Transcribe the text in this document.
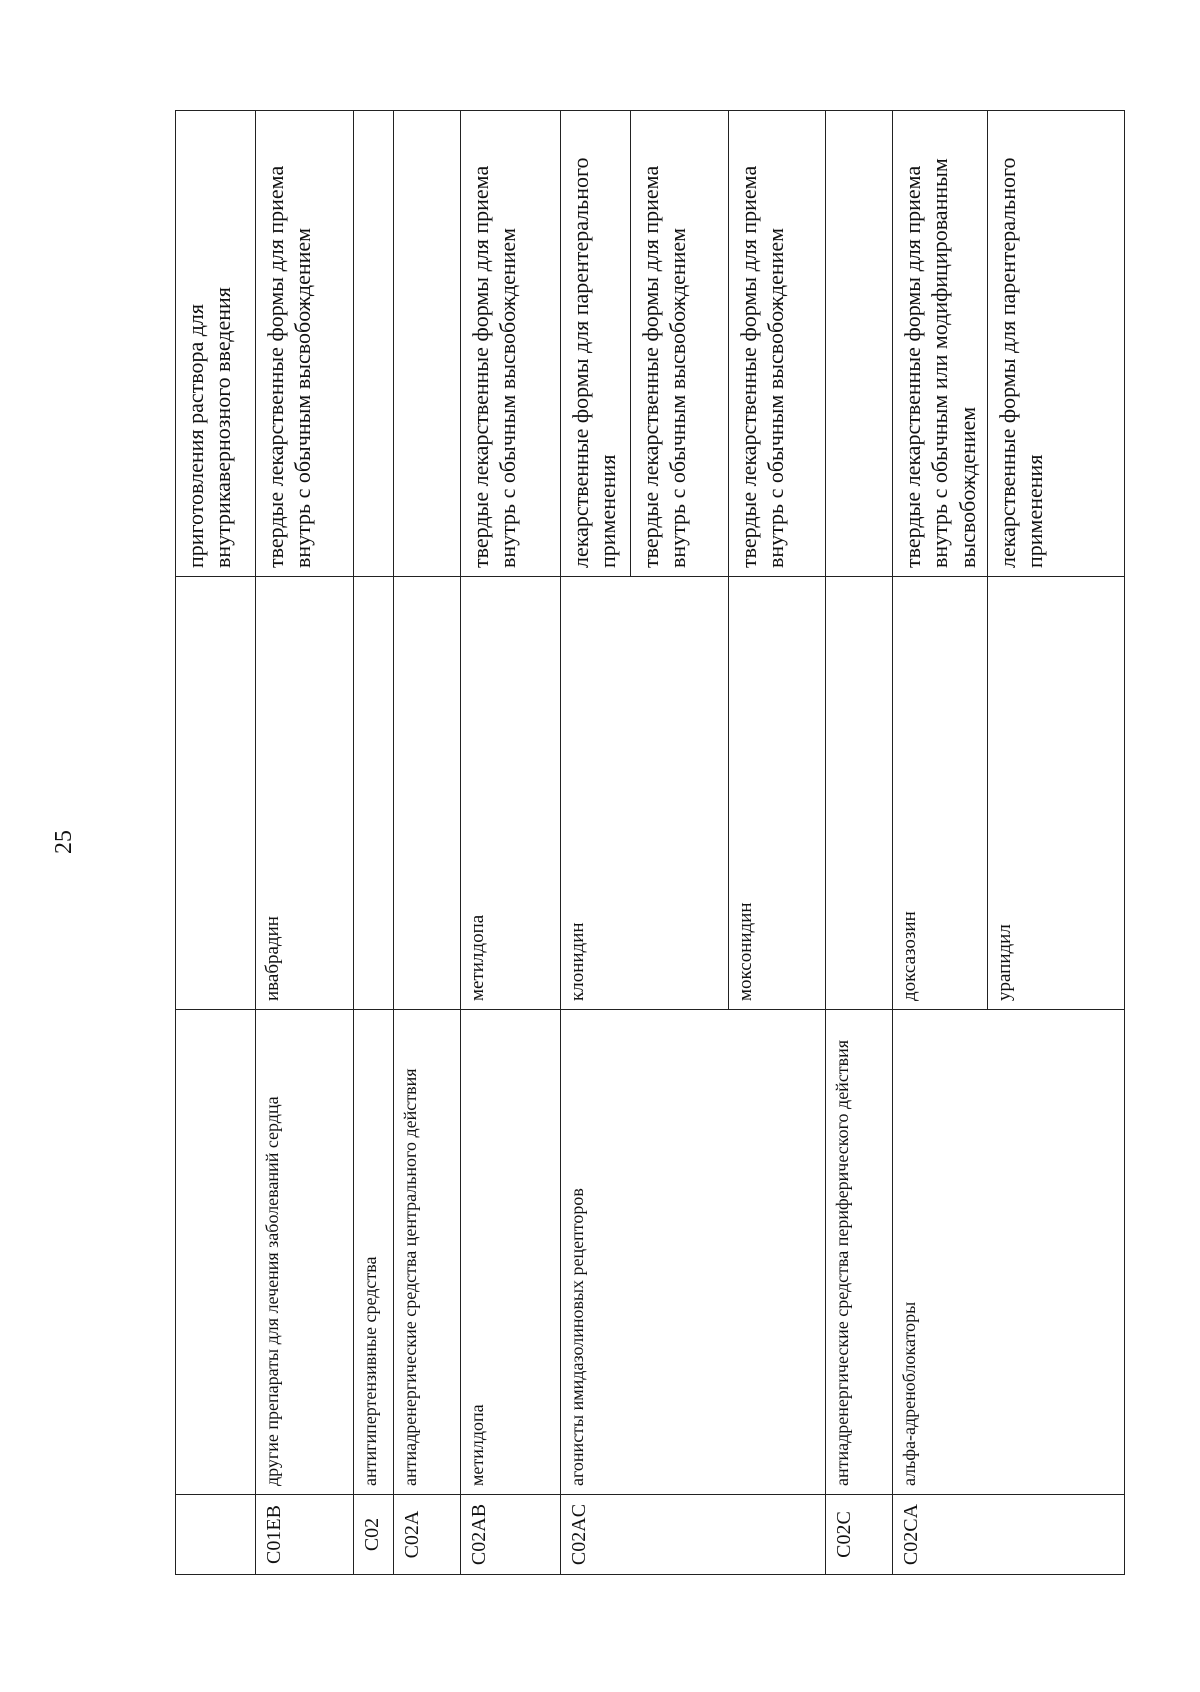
25
			приготовления раствора для внутрикавернозного введения
C01EB	другие препараты для лечения заболеваний сердца	ивабрадин	твердые лекарственные формы для приема внутрь с обычным высвобождением
C02	антигипертензивные средства		
C02A	антиадренергические средства центрального действия		
C02AB	метилдопа	метилдопа	твердые лекарственные формы для приема внутрь с обычным высвобождением
C02AC	агонисты имидазолиновых рецепторов	клонидин	лекарственные формы для парентерального применения
			твердые лекарственные формы для приема внутрь с обычным высвобождением
		моксонидин	твердые лекарственные формы для приема внутрь с обычным высвобождением
C02C	антиадренергические средства периферического действия		
C02CA	альфа-адреноблокаторы	доксазозин	твердые лекарственные формы для приема внутрь с обычным или модифицированным высвобождением
		урапидил	лекарственные формы для парентерального применения
